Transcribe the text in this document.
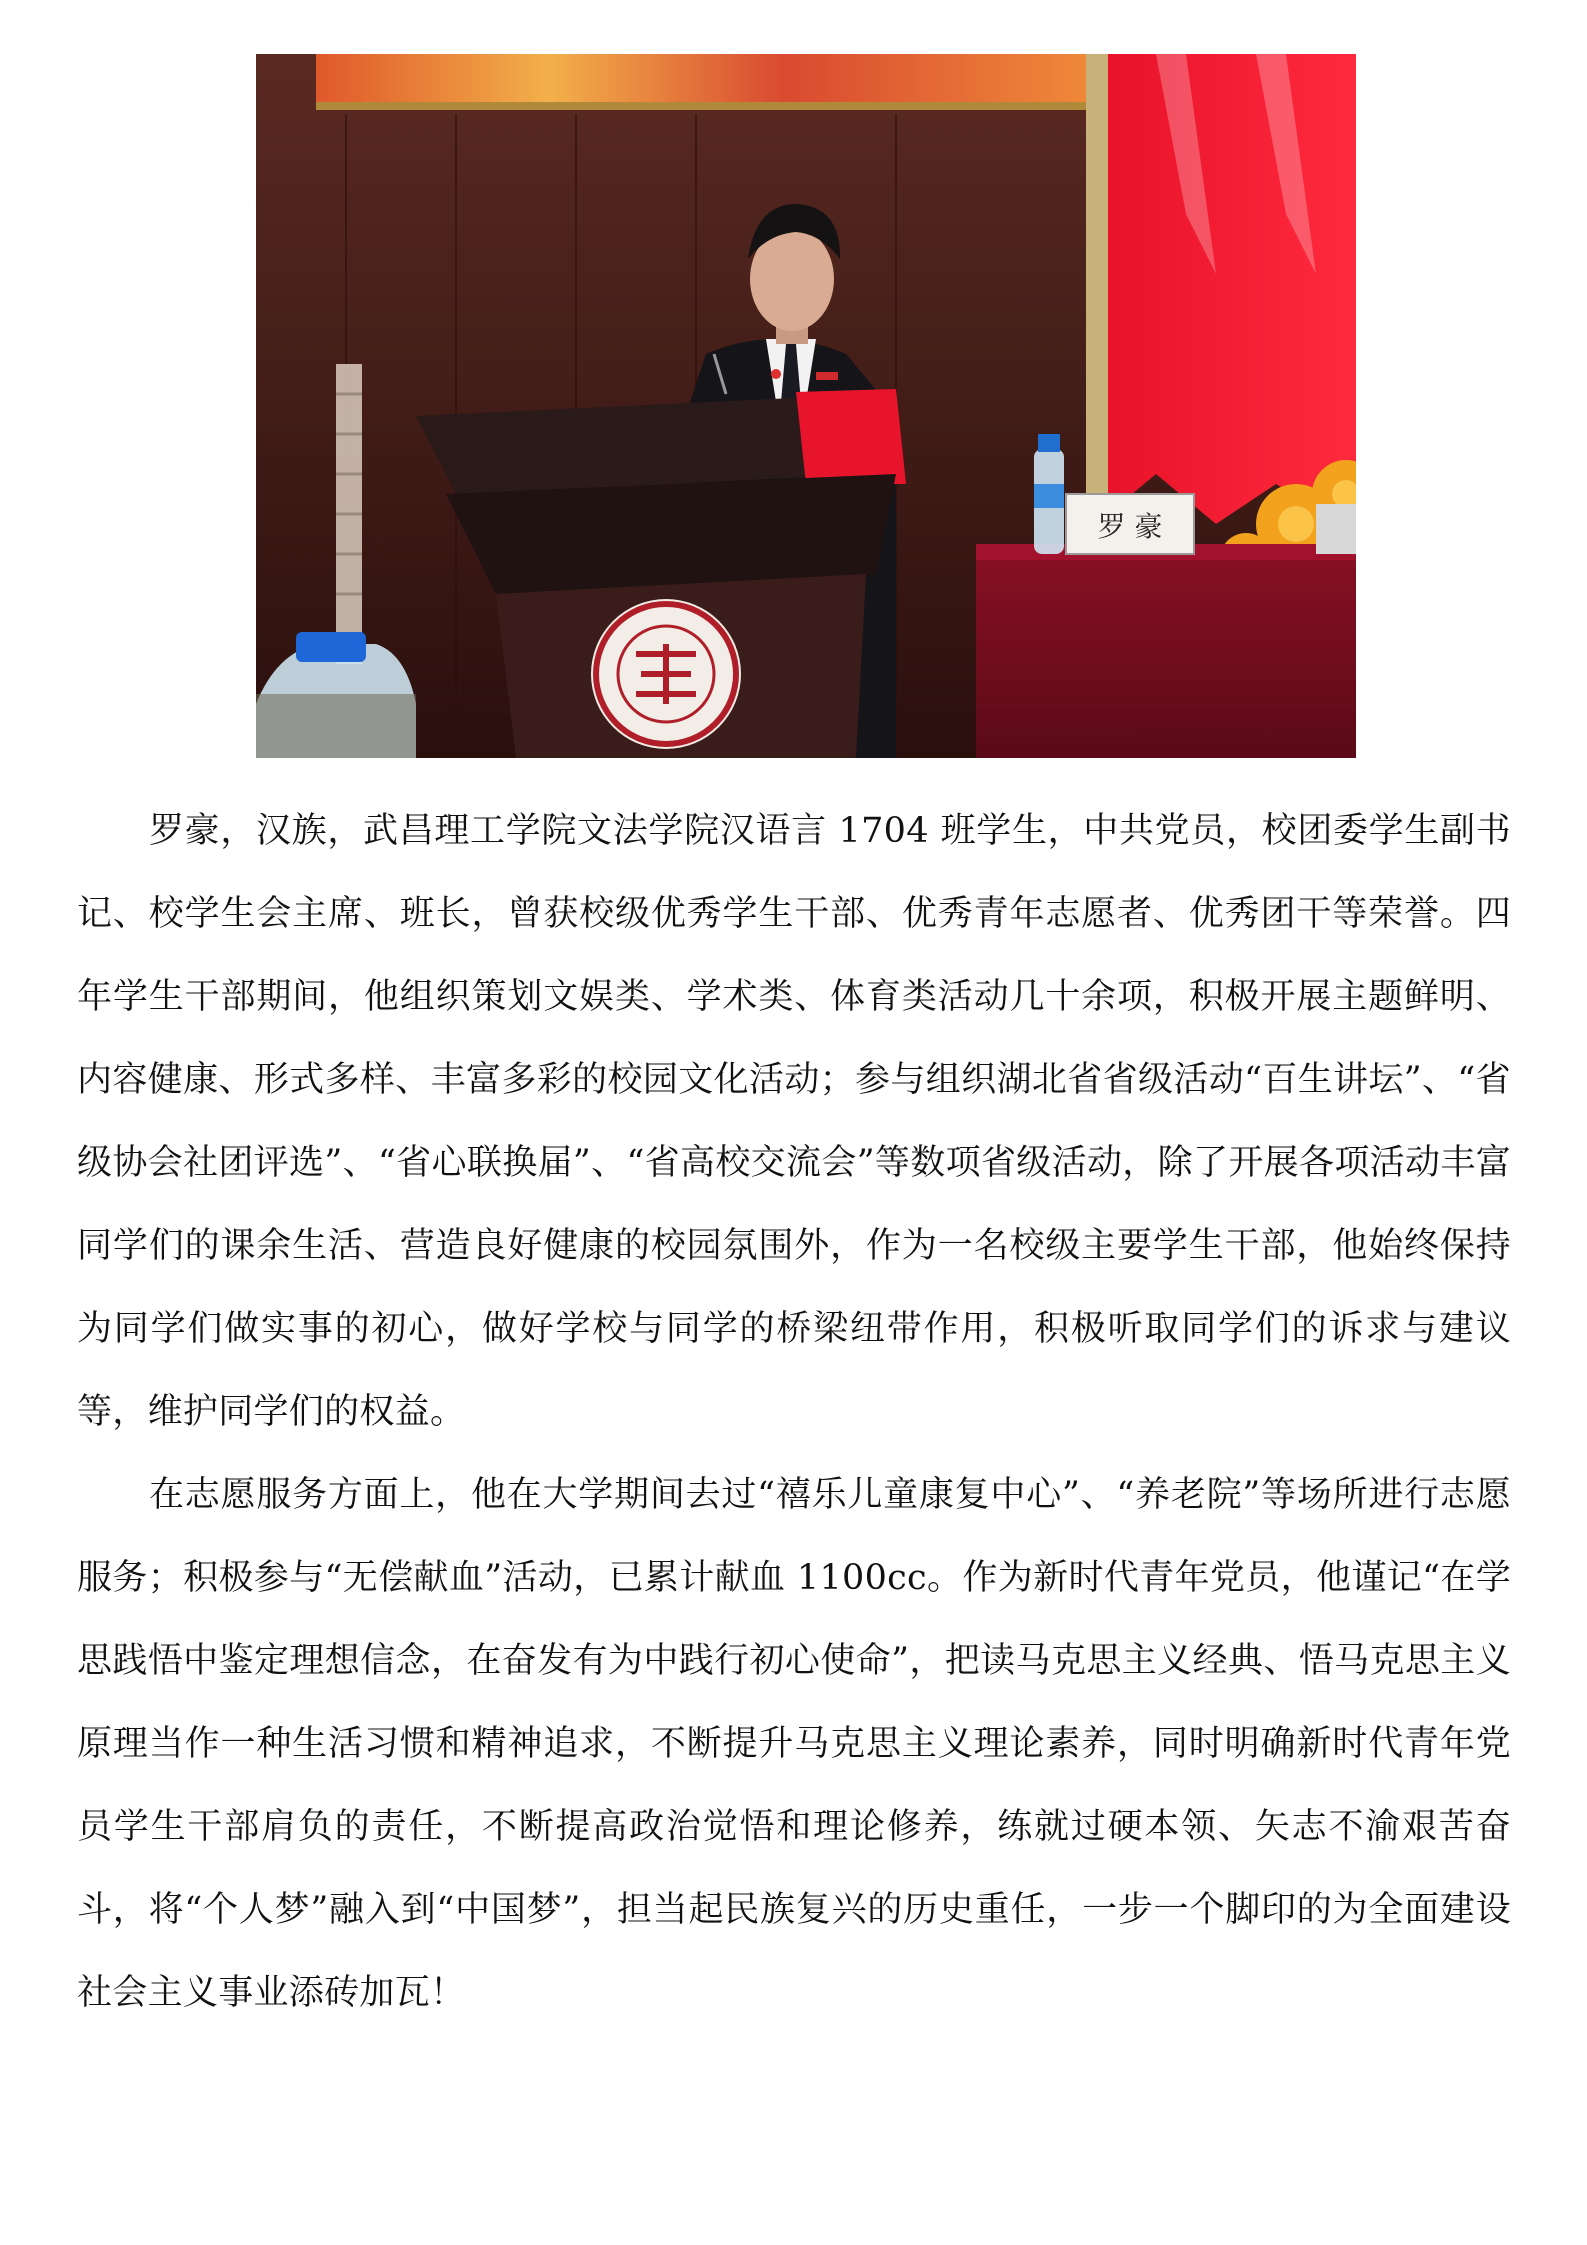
罗 豪

罗豪，汉族，武昌理工学院文法学院汉语言 1704 班学生，中共党员，校团委学生副书记、校学生会主席、班长，曾获校级优秀学生干部、优秀青年志愿者、优秀团干等荣誉。四年学生干部期间，他组织策划文娱类、学术类、体育类活动几十余项，积极开展主题鲜明、内容健康、形式多样、丰富多彩的校园文化活动；参与组织湖北省省级活动“百生讲坛”、“省级协会社团评选”、“省心联换届”、“省高校交流会”等数项省级活动，除了开展各项活动丰富同学们的课余生活、营造良好健康的校园氛围外，作为一名校级主要学生干部，他始终保持为同学们做实事的初心，做好学校与同学的桥梁纽带作用，积极听取同学们的诉求与建议等，维护同学们的权益。

在志愿服务方面上，他在大学期间去过“禧乐儿童康复中心”、“养老院”等场所进行志愿服务；积极参与“无偿献血”活动，已累计献血 1100cc。作为新时代青年党员，他谨记“在学思践悟中鉴定理想信念，在奋发有为中践行初心使命”，把读马克思主义经典、悟马克思主义原理当作一种生活习惯和精神追求，不断提升马克思主义理论素养，同时明确新时代青年党员学生干部肩负的责任，不断提高政治觉悟和理论修养，练就过硬本领、矢志不渝艰苦奋斗，将“个人梦”融入到“中国梦”，担当起民族复兴的历史重任，一步一个脚印的为全面建设社会主义事业添砖加瓦！
